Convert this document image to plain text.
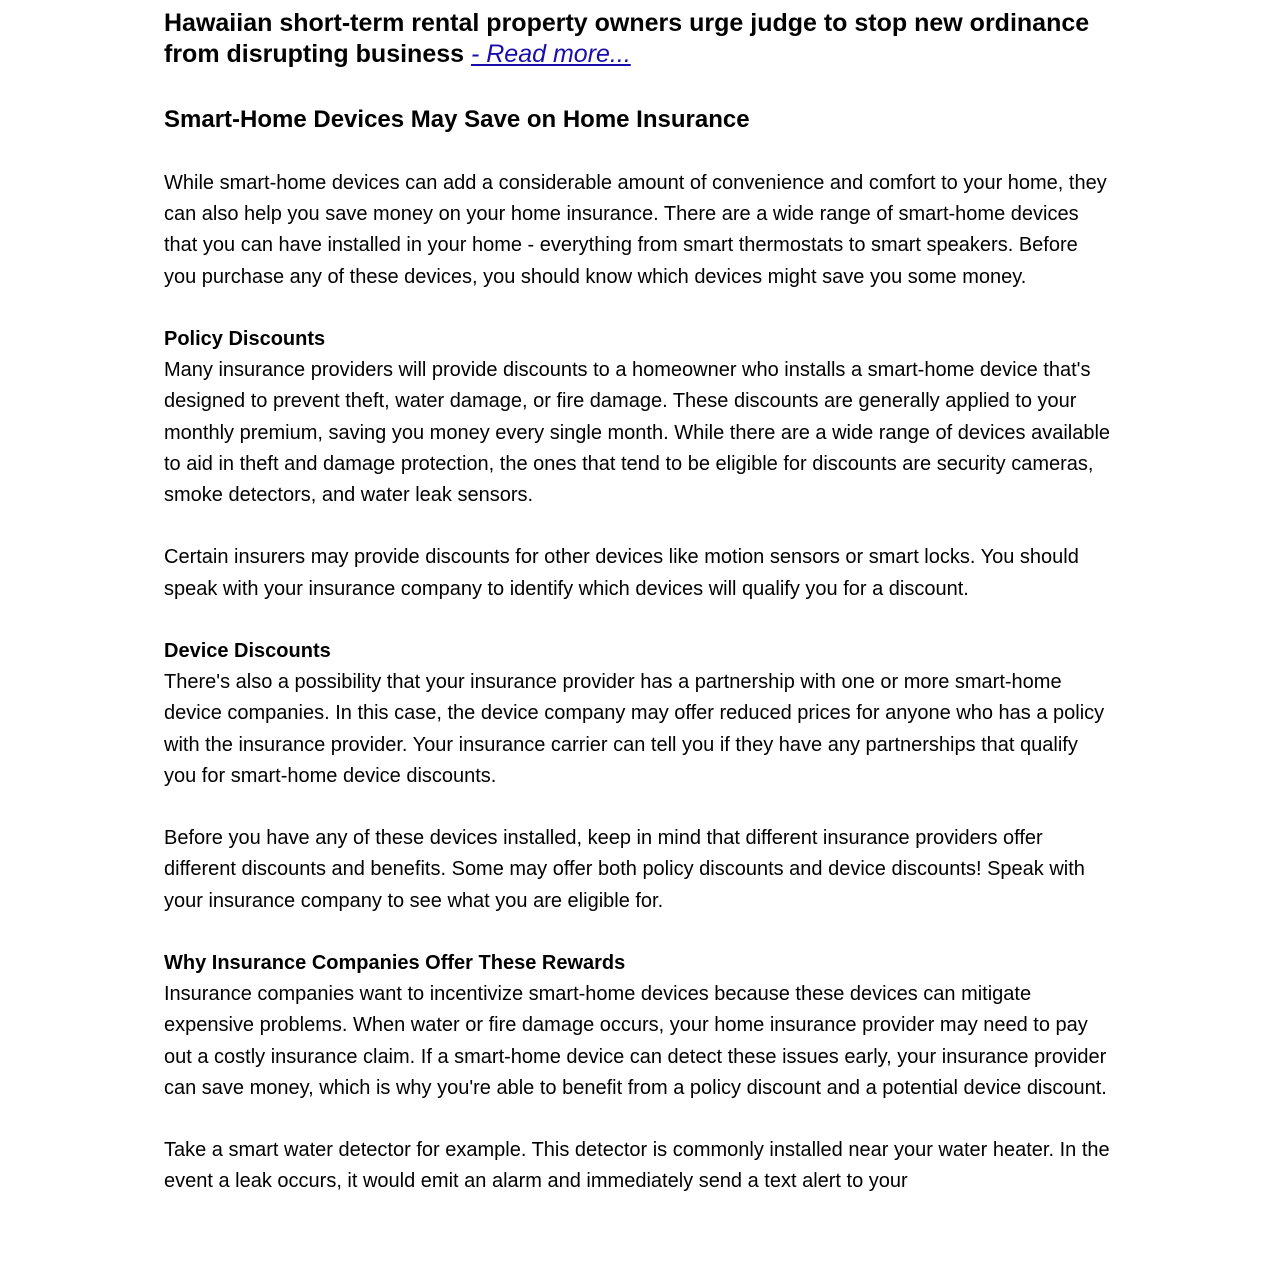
Hawaiian short-term rental property owners urge judge to stop new ordinance from disrupting business - Read more...

Smart-Home Devices May Save on Home Insurance

While smart-home devices can add a considerable amount of convenience and comfort to your home, they can also help you save money on your home insurance. There are a wide range of smart-home devices that you can have installed in your home - everything from smart thermostats to smart speakers. Before you purchase any of these devices, you should know which devices might save you some money.

Policy Discounts

Many insurance providers will provide discounts to a homeowner who installs a smart-home device that's designed to prevent theft, water damage, or fire damage. These discounts are generally applied to your monthly premium, saving you money every single month. While there are a wide range of devices available to aid in theft and damage protection, the ones that tend to be eligible for discounts are security cameras, smoke detectors, and water leak sensors.

Certain insurers may provide discounts for other devices like motion sensors or smart locks. You should speak with your insurance company to identify which devices will qualify you for a discount.

Device Discounts

There's also a possibility that your insurance provider has a partnership with one or more smart-home device companies. In this case, the device company may offer reduced prices for anyone who has a policy with the insurance provider. Your insurance carrier can tell you if they have any partnerships that qualify you for smart-home device discounts.

Before you have any of these devices installed, keep in mind that different insurance providers offer different discounts and benefits. Some may offer both policy discounts and device discounts! Speak with your insurance company to see what you are eligible for.

Why Insurance Companies Offer These Rewards

Insurance companies want to incentivize smart-home devices because these devices can mitigate expensive problems. When water or fire damage occurs, your home insurance provider may need to pay out a costly insurance claim. If a smart-home device can detect these issues early, your insurance provider can save money, which is why you're able to benefit from a policy discount and a potential device discount.

Take a smart water detector for example. This detector is commonly installed near your water heater. In the event a leak occurs, it would emit an alarm and immediately send a text alert to your
